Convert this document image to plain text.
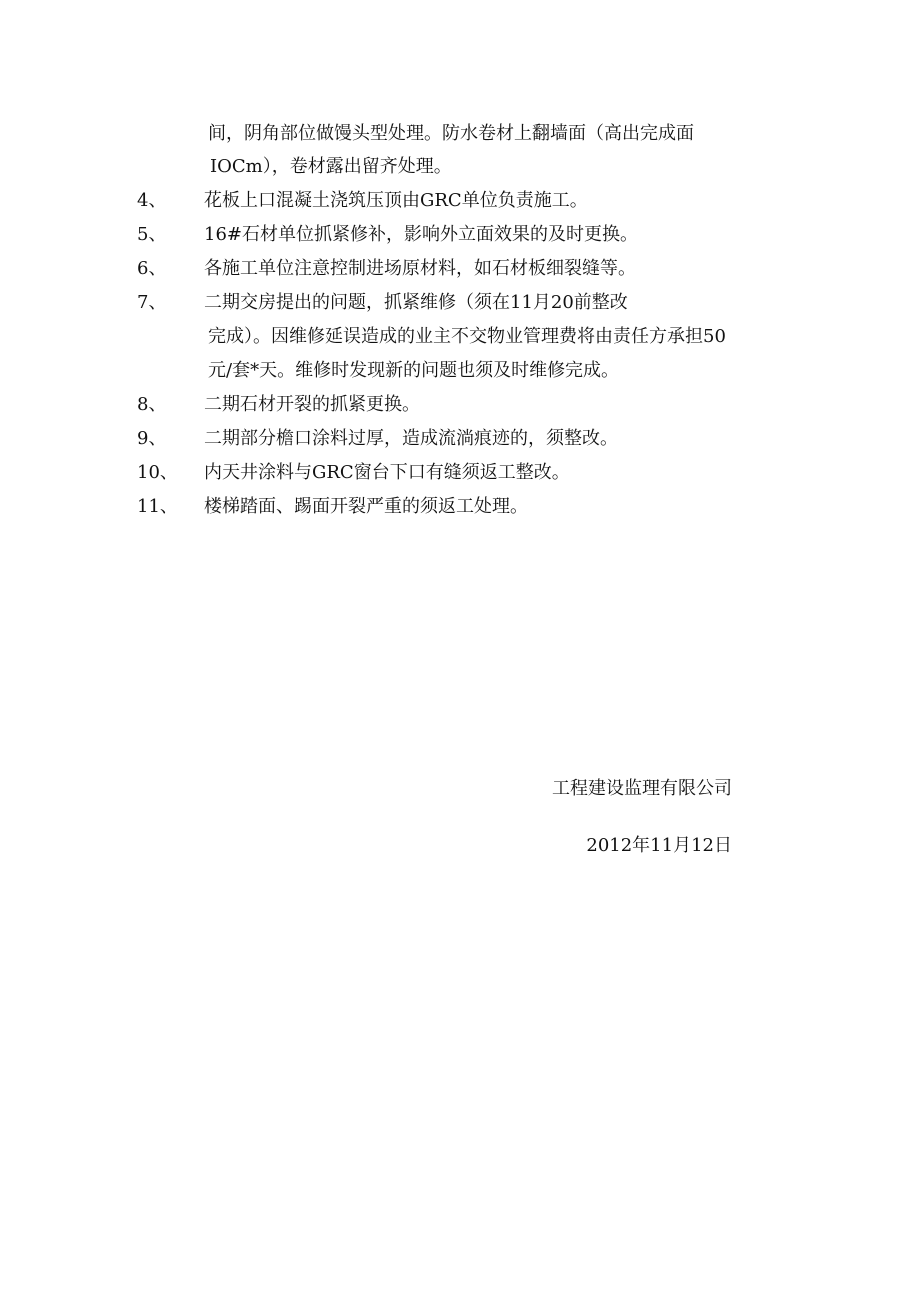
间，阴角部位做馒头型处理。防水卷材上翻墙面（高出完成面
IOCm），卷材露出留齐处理。
4、 花板上口混凝土浇筑压顶由GRC单位负责施工。
5、 16#石材单位抓紧修补，影响外立面效果的及时更换。
6、 各施工单位注意控制进场原材料，如石材板细裂缝等。
7、 二期交房提出的问题，抓紧维修（须在11月20前整改
完成）。因维修延误造成的业主不交物业管理费将由责任方承担50
元/套*天。维修时发现新的问题也须及时维修完成。
8、 二期石材开裂的抓紧更换。
9、 二期部分檐口涂料过厚，造成流淌痕迹的，须整改。
10、 内天井涂料与GRC窗台下口有缝须返工整改。
11、 楼梯踏面、踢面开裂严重的须返工处理。
工程建设监理有限公司
2012年11月12日
